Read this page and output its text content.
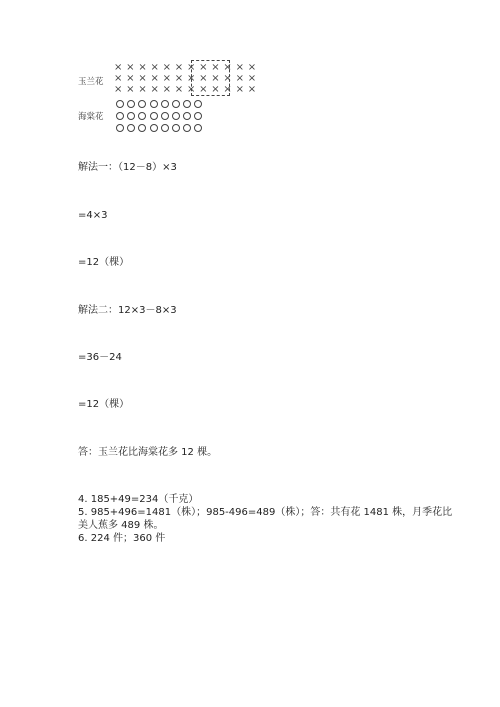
玉兰花
海棠花
× × × × × × × × × × × ×
× × × × × × × × × × × ×
× × × × × × × × × × × ×
解法一：（12－8）×3
=4×3
=12（棵）
解法二：12×3－8×3
=36－24
=12（棵）
答：玉兰花比海棠花多 12 棵。
4. 185+49=234（千克）
5. 985+496=1481（株）；985-496=489（株）；答：共有花 1481 株，月季花比
美人蕉多 489 株。
6. 224 件；360 件
